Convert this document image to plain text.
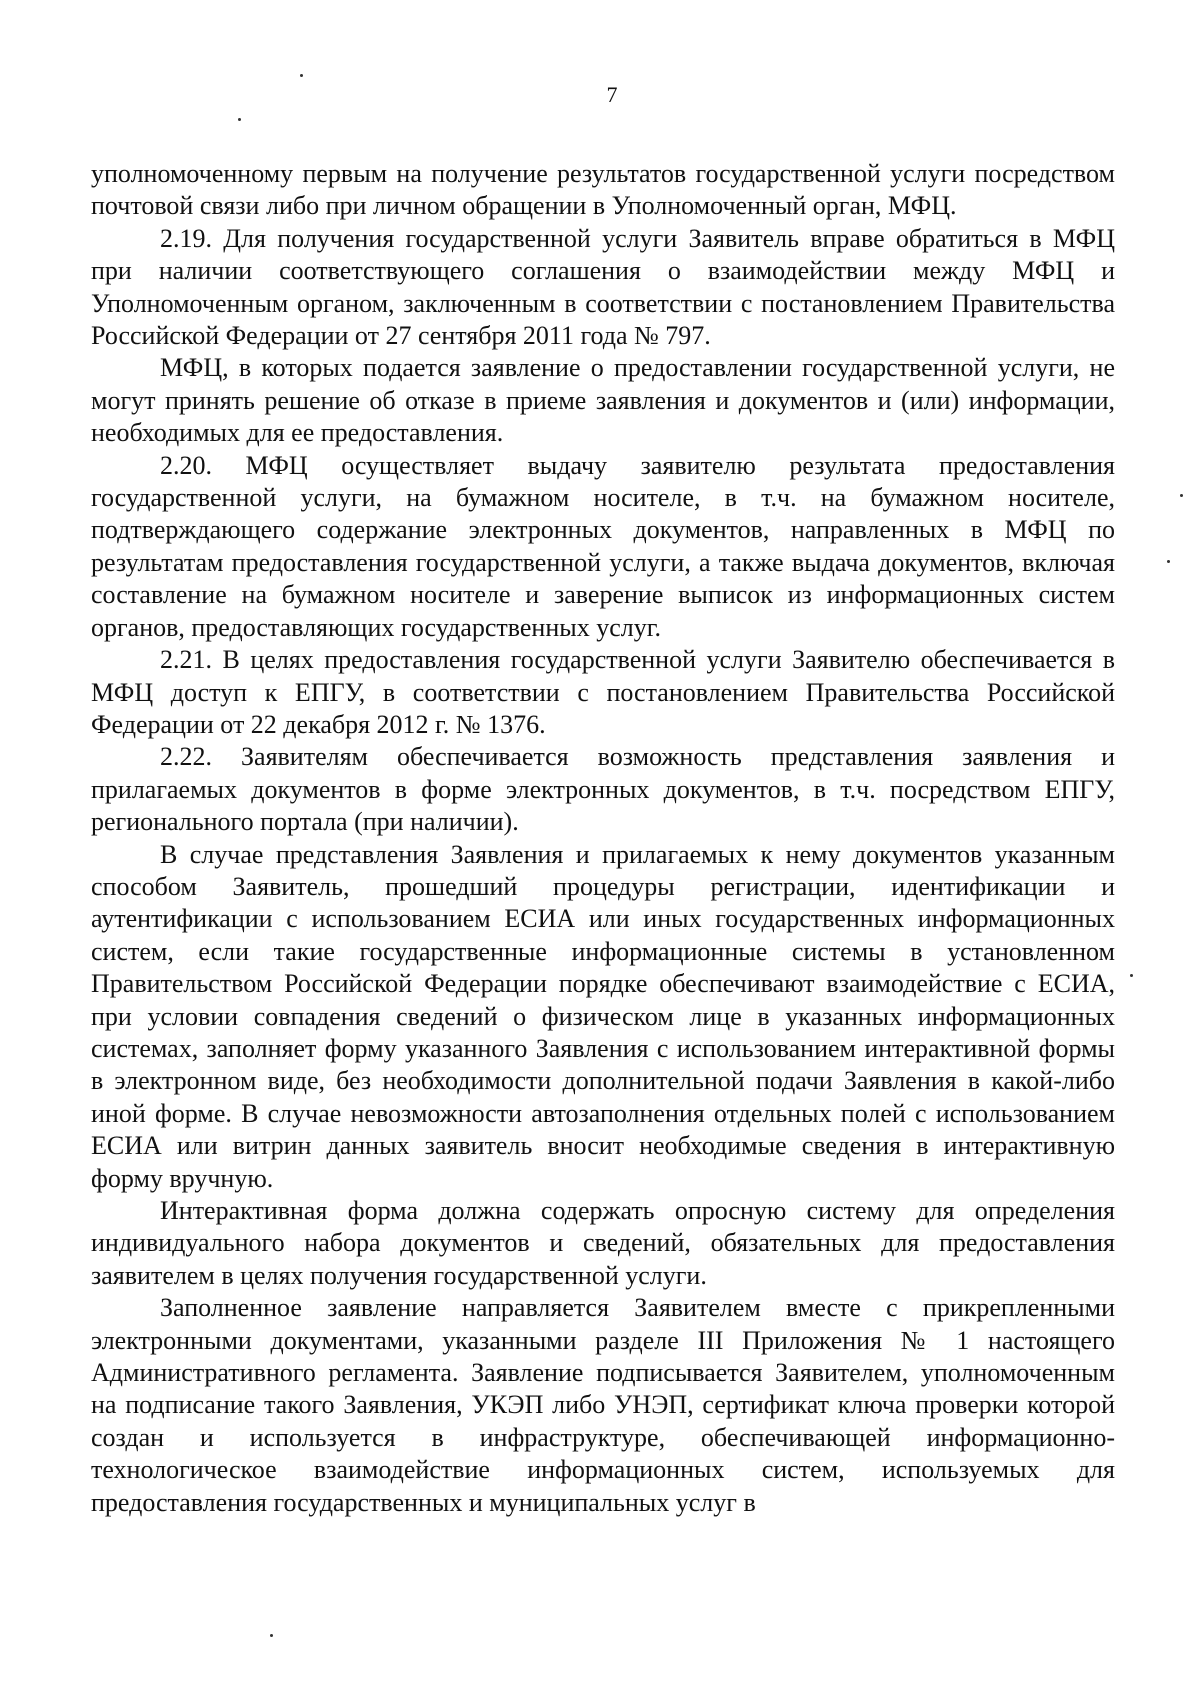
7

уполномоченному первым на получение результатов государственной услуги посредством почтовой связи либо при личном обращении в Уполномоченный орган, МФЦ.

2.19. Для получения государственной услуги Заявитель вправе обратиться в МФЦ при наличии соответствующего соглашения о взаимодействии между МФЦ и Уполномоченным органом, заключенным в соответствии с постановлением Правительства Российской Федерации от 27 сентября 2011 года № 797.

МФЦ, в которых подается заявление о предоставлении государственной услуги, не могут принять решение об отказе в приеме заявления и документов и (или) информации, необходимых для ее предоставления.

2.20. МФЦ осуществляет выдачу заявителю результата предоставления государственной услуги, на бумажном носителе, в т.ч. на бумажном носителе, подтверждающего содержание электронных документов, направленных в МФЦ по результатам предоставления государственной услуги, а также выдача документов, включая составление на бумажном носителе и заверение выписок из информационных систем органов, предоставляющих государственных услуг.

2.21. В целях предоставления государственной услуги Заявителю обеспечивается в МФЦ доступ к ЕПГУ, в соответствии с постановлением Правительства Российской Федерации от 22 декабря 2012 г. № 1376.

2.22. Заявителям обеспечивается возможность представления заявления и прилагаемых документов в форме электронных документов, в т.ч. посредством ЕПГУ, регионального портала (при наличии).

В случае представления Заявления и прилагаемых к нему документов указанным способом Заявитель, прошедший процедуры регистрации, идентификации и аутентификации с использованием ЕСИА или иных государственных информационных систем, если такие государственные информационные системы в установленном Правительством Российской Федерации порядке обеспечивают взаимодействие с ЕСИА, при условии совпадения сведений о физическом лице в указанных информационных системах, заполняет форму указанного Заявления с использованием интерактивной формы в электронном виде, без необходимости дополнительной подачи Заявления в какой-либо иной форме. В случае невозможности автозаполнения отдельных полей с использованием ЕСИА или витрин данных заявитель вносит необходимые сведения в интерактивную форму вручную.

Интерактивная форма должна содержать опросную систему для определения индивидуального набора документов и сведений, обязательных для предоставления заявителем в целях получения государственной услуги.

Заполненное заявление направляется Заявителем вместе с прикрепленными электронными документами, указанными разделе III Приложения № 1 настоящего Административного регламента. Заявление подписывается Заявителем, уполномоченным на подписание такого Заявления, УКЭП либо УНЭП, сертификат ключа проверки которой создан и используется в инфраструктуре, обеспечивающей информационно-технологическое взаимодействие информационных систем, используемых для предоставления государственных и муниципальных услуг в
